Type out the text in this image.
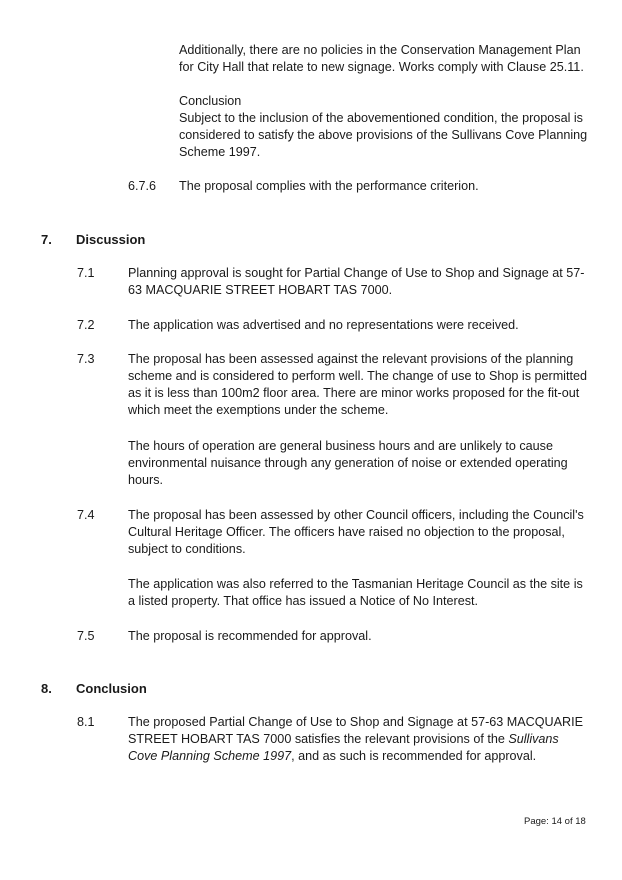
Additionally, there are no policies in the Conservation Management Plan for City Hall that relate to new signage. Works comply with Clause 25.11.

Conclusion

Subject to the inclusion of the abovementioned condition, the proposal is considered to satisfy the above provisions of the Sullivans Cove Planning Scheme 1997.

6.7.6 The proposal complies with the performance criterion.

7. Discussion
7.1	Planning approval is sought for Partial Change of Use to Shop and Signage at 57-63 MACQUARIE STREET HOBART TAS 7000.

7.2	The application was advertised and no representations were received.

7.3	The proposal has been assessed against the relevant provisions of the planning scheme and is considered to perform well. The change of use to Shop is permitted as it is less than 100m2 floor area. There are minor works proposed for the fit-out which meet the exemptions under the scheme.

The hours of operation are general business hours and are unlikely to cause environmental nuisance through any generation of noise or extended operating hours.

7.4	The proposal has been assessed by other Council officers, including the Council's Cultural Heritage Officer. The officers have raised no objection to the proposal, subject to conditions.

The application was also referred to the Tasmanian Heritage Council as the site is a listed property. That office has issued a Notice of No Interest.

7.5	The proposal is recommended for approval.

8. Conclusion
8.1	The proposed Partial Change of Use to Shop and Signage at 57-63 MACQUARIE STREET HOBART TAS 7000 satisfies the relevant provisions of the Sullivans Cove Planning Scheme 1997, and as such is recommended for approval.

Page: 14 of 18
